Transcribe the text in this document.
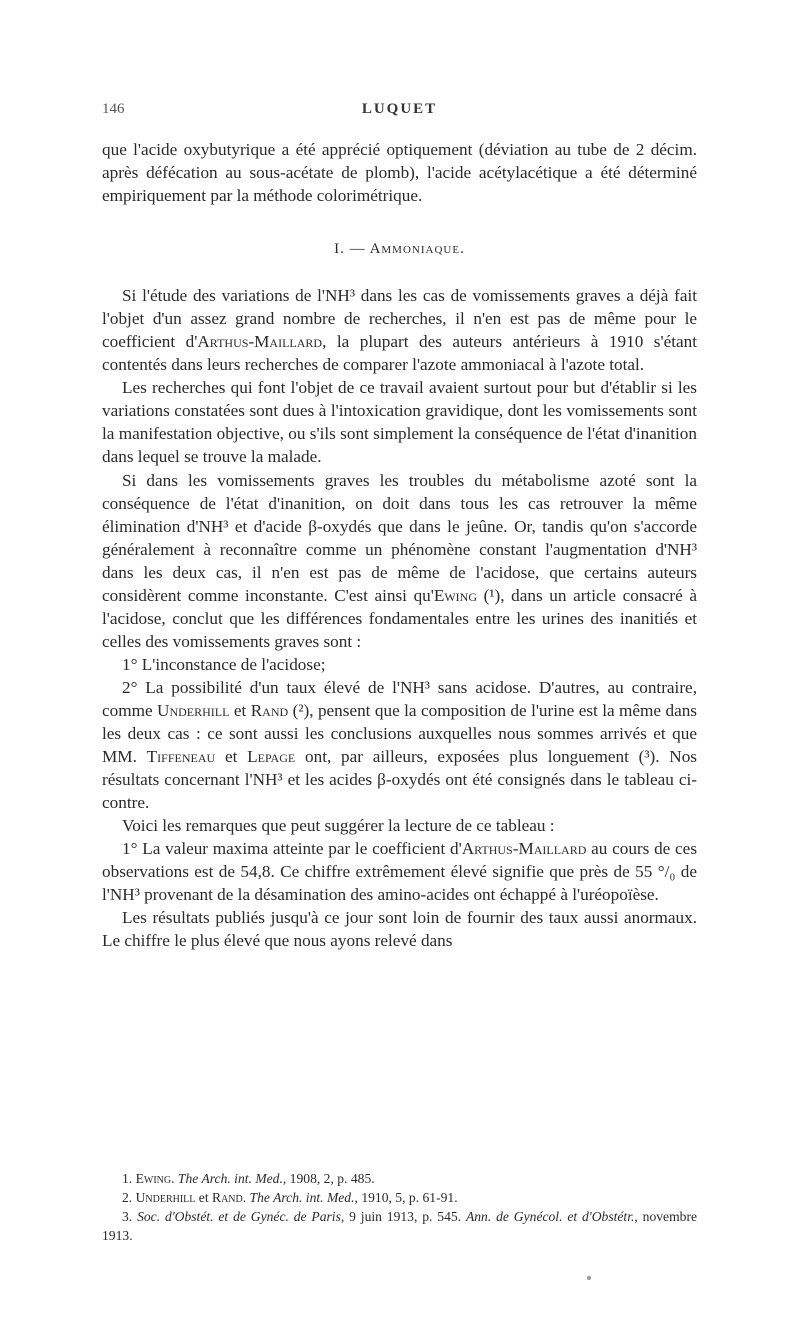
146	LUQUET

que l'acide oxybutyrique a été apprécié optiquement (déviation au tube de 2 décim. après défécation au sous-acétate de plomb), l'acide acétylacétique a été déterminé empiriquement par la méthode colorimétrique.

I. — Ammoniaque.

Si l'étude des variations de l'NH³ dans les cas de vomissements graves a déjà fait l'objet d'un assez grand nombre de recherches, il n'en est pas de même pour le coefficient d'Arthus-Maillard, la plupart des auteurs antérieurs à 1910 s'étant contentés dans leurs recherches de comparer l'azote ammoniacal à l'azote total.

Les recherches qui font l'objet de ce travail avaient surtout pour but d'établir si les variations constatées sont dues à l'intoxication gravidique, dont les vomissements sont la manifestation objective, ou s'ils sont simplement la conséquence de l'état d'inanition dans lequel se trouve la malade.

Si dans les vomissements graves les troubles du métabolisme azoté sont la conséquence de l'état d'inanition, on doit dans tous les cas retrouver la même élimination d'NH³ et d'acide β-oxydés que dans le jeûne. Or, tandis qu'on s'accorde généralement à reconnaître comme un phénomène constant l'augmentation d'NH³ dans les deux cas, il n'en est pas de même de l'acidose, que certains auteurs considèrent comme inconstante. C'est ainsi qu'Ewing (¹), dans un article consacré à l'acidose, conclut que les différences fondamentales entre les urines des inanitiés et celles des vomissements graves sont :

1° L'inconstance de l'acidose;

2° La possibilité d'un taux élevé de l'NH³ sans acidose. D'autres, au contraire, comme Underhill et Rand (²), pensent que la composition de l'urine est la même dans les deux cas : ce sont aussi les conclusions auxquelles nous sommes arrivés et que MM. Tiffeneau et Lepage ont, par ailleurs, exposées plus longuement (³). Nos résultats concernant l'NH³ et les acides β-oxydés ont été consignés dans le tableau ci-contre.

Voici les remarques que peut suggérer la lecture de ce tableau :

1° La valeur maxima atteinte par le coefficient d'Arthus-Maillard au cours de ces observations est de 54,8. Ce chiffre extrêmement élevé signifie que près de 55 °/₀ de l'NH³ provenant de la désamination des amino-acides ont échappé à l'uréopoïèse.

Les résultats publiés jusqu'à ce jour sont loin de fournir des taux aussi anormaux. Le chiffre le plus élevé que nous ayons relevé dans

1. Ewing. The Arch. int. Med., 1908, 2, p. 485.

2. Underhill et Rand. The Arch. int. Med., 1910, 5, p. 61-91.

3. Soc. d'Obstét. et de Gynéc. de Paris, 9 juin 1913, p. 545. Ann. de Gynécol. et d'Obstétr., novembre 1913.
